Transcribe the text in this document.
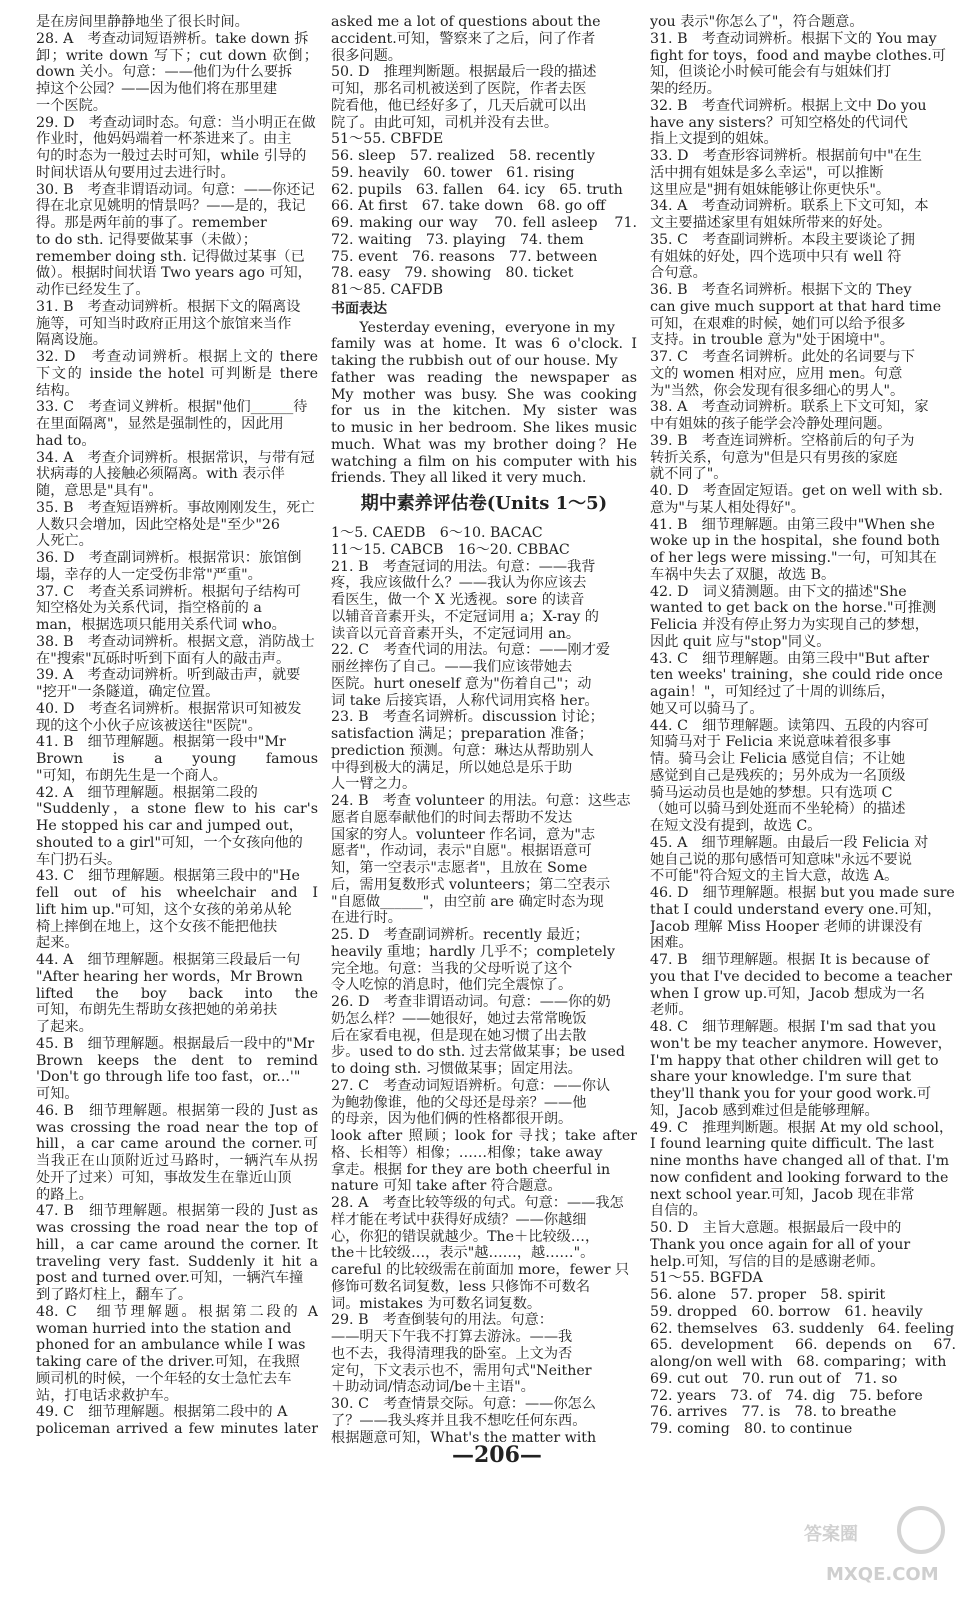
是在房间里静静地坐了很长时间。
28. A　考查动词短语辨析。take down 拆
卸；write down 写下；cut down 砍倒；
down 关小。句意：——他们为什么要拆
掉这个公园？——因为他们将在那里建
一个医院。
29. D　考查动词时态。句意：当小明正在做
作业时，他妈妈端着一杯茶进来了。由主
句的时态为一般过去时可知，while 引导的
时间状语从句要用过去进行时。
30. B　考查非谓语动词。句意：——你还记
得在北京见姚明的情景吗？——是的，我记
得。那是两年前的事了。remember
to do sth. 记得要做某事（未做）；
remember doing sth. 记得做过某事（已
做）。根据时间状语 Two years ago 可知，
动作已经发生了。
31. B　考查动词辨析。根据下文的隔离设
施等，可知当时政府正用这个旅馆来当作
隔离设施。
32. D　考查动词辨析。根据上文的 there
下文的 inside the hotel 可判断是 there
结构。
33. C　考查词义辨析。根据"他们______待
在里面隔离"，显然是强制性的，因此用
had to。
34. A　考查介词辨析。根据常识，与带有冠
状病毒的人接触必须隔离。with 表示伴
随，意思是"具有"。
35. B　考查短语辨析。事故刚刚发生，死亡
人数只会增加，因此空格处是"至少"26
人死亡。
36. D　考查副词辨析。根据常识：旅馆倒
塌，幸存的人一定受伤非常"严重"。
37. C　考查关系词辨析。根据句子结构可
知空格处为关系代词，指空格前的 a
man，根据选项只能用关系代词 who。
38. B　考查动词辨析。根据文意，消防战士
在"搜索"瓦砾时听到下面有人的敲击声。
39. A　考查动词辨析。听到敲击声，就要
"挖开"一条隧道，确定位置。
40. D　考查名词辨析。根据常识可知被发
现的这个小伙子应该被送往"医院"。
41. B　细节理解题。根据第一段中"Mr
Brown is a young famous
"可知，布朗先生是一个商人。
42. A　细节理解题。根据第二段的
"Suddenly，a stone flew to his car's
He stopped his car and jumped out，
shouted to a girl"可知，一个女孩向他的
车门扔石头。
43. C　细节理解题。根据第三段中的"He
fell out of his wheelchair and I
lift him up."可知，这个女孩的弟弟从轮
椅上摔倒在地上，这个女孩不能把他扶
起来。
44. A　细节理解题。根据第三段最后一句
"After hearing her words，Mr Brown
lifted the boy back into the
可知，布朗先生帮助女孩把她的弟弟扶
了起来。
45. B　细节理解题。根据最后一段中的"Mr
Brown keeps the dent to remind
'Don't go through life too fast，or...'"
可知。
46. B　细节理解题。根据第一段的 Just as
was crossing the road near the top of
hill，a car came around the corner.可
当我正在山顶附近过马路时，一辆汽车从拐
处开了过来）可知，事故发生在靠近山顶
的路上。
47. B　细节理解题。根据第一段的 Just as
was crossing the road near the top of
hill，a car came around the corner. It
traveling very fast. Suddenly it hit a
post and turned over.可知，一辆汽车撞
到了路灯柱上，翻车了。
48. C　细节理解题。根据第二段的 A
woman hurried into the station and
phoned for an ambulance while I was
taking care of the driver.可知，在我照
顾司机的时候，一个年轻的女士急忙去车
站，打电话求救护车。
49. C　细节理解题。根据第二段中的 A
policeman arrived a few minutes later
asked me a lot of questions about the
accident.可知，警察来了之后，问了作者
很多问题。
50. D　推理判断题。根据最后一段的描述
可知，那名司机被送到了医院，作者去医
院看他，他已经好多了，几天后就可以出
院了。由此可知，司机并没有去世。
51～55. CBFDE
56. sleep　57. realized　58. recently
59. heavily　60. tower　61. rising
62. pupils　63. fallen　64. icy　65. truth
66. At first　67. take down　68. go off
69. making our way　70. fell asleep　71.
72. waiting　73. playing　74. them
75. event　76. reasons　77. between
78. easy　79. showing　80. ticket
81～85. CAFDB
书面表达
　　Yesterday evening，everyone in my
family was at home. It was 6 o'clock. I
taking the rubbish out of our house. My
father was reading the newspaper as
My mother was busy. She was cooking
for us in the kitchen. My sister was
to music in her bedroom. She likes music
much. What was my brother doing？He
watching a film on his computer with his
friends. They all liked it very much.
期中素养评估卷(Units 1～5)
1～5. CAEDB　6～10. BACAC
11～15. CABCB　16～20. CBBAC
21. B　考查冠词的用法。句意：——我背
疼，我应该做什么？——我认为你应该去
看医生，做一个 X 光透视。sore 的读音
以辅音音素开头，不定冠词用 a；X-ray 的
读音以元音音素开头，不定冠词用 an。
22. C　考查代词的用法。句意：——刚才爱
丽丝摔伤了自己。——我们应该带她去
医院。hurt oneself 意为"伤着自己"；动
词 take 后接宾语，人称代词用宾格 her。
23. B　考查名词辨析。discussion 讨论；
satisfaction 满足；preparation 准备；
prediction 预测。句意：琳达从帮助别人
中得到极大的满足，所以她总是乐于助
人一臂之力。
24. B　考查 volunteer 的用法。句意：这些志
愿者自愿奉献他们的时间去帮助不发达
国家的穷人。volunteer 作名词，意为"志
愿者"，作动词，表示"自愿"。根据语意可
知，第一空表示"志愿者"，且放在 Some
后，需用复数形式 volunteers；第二空表示
"自愿做______"，由空前 are 确定时态为现
在进行时。
25. D　考查副词辨析。recently 最近；
heavily 重地；hardly 几乎不；completely
完全地。句意：当我的父母听说了这个
令人吃惊的消息时，他们完全震惊了。
26. D　考查非谓语动词。句意：——你的奶
奶怎么样？——她很好，她过去常常晚饭
后在家看电视，但是现在她习惯了出去散
步。used to do sth. 过去常做某事；be used
to doing sth. 习惯做某事；固定用法。
27. C　考查动词短语辨析。句意：——你认
为鲍勃像谁，他的父母还是母亲？——他
的母亲，因为他们俩的性格都很开朗。
look after 照顾；look for 寻找；take after
格、长相等）相像；……相像；take away
拿走。根据 for they are both cheerful in
nature 可知 take after 符合题意。
28. A　考查比较等级的句式。句意：——我怎
样才能在考试中获得好成绩？——你越细
心，你犯的错误就越少。The＋比较级…，
the＋比较级…，表示"越……，越……"。
careful 的比较级需在前面加 more，fewer 只
修饰可数名词复数，less 只修饰不可数名
词。mistakes 为可数名词复数。
29. B　考查倒装句的用法。句意：
——明天下午我不打算去游泳。——我
也不去，我得清理我的卧室。上文为否
定句，下文表示也不，需用句式"Neither
＋助动词/情态动词/be＋主语"。
30. C　考查情景交际。句意：——你怎么
了？——我头疼并且我不想吃任何东西。
根据题意可知，What's the matter with
you 表示"你怎么了"，符合题意。
31. B　考查动词辨析。根据下文的 You may
fight for toys，food and maybe clothes.可
知，但谈论小时候可能会有与姐妹们打
架的经历。
32. B　考查代词辨析。根据上文中 Do you
have any sisters？可知空格处的代词代
指上文提到的姐妹。
33. D　考查形容词辨析。根据前句中"在生
活中拥有姐妹是多么幸运"，可以推断
这里应是"拥有姐妹能够让你更快乐"。
34. A　考查动词辨析。联系上下文可知，本
文主要描述家里有姐妹所带来的好处。
35. C　考查副词辨析。本段主要谈论了拥
有姐妹的好处，四个选项中只有 well 符
合句意。
36. B　考查名词辨析。根据下文的 They
can give much support at that hard time
可知，在艰难的时候，她们可以给予很多
支持。in trouble 意为"处于困境中"。
37. C　考查名词辨析。此处的名词要与下
文的 women 相对应，应用 men。句意
为"当然，你会发现有很多细心的男人"。
38. A　考查动词辨析。联系上下文可知，家
中有姐妹的孩子能学会冷静处理问题。
39. B　考查连词辨析。空格前后的句子为
转折关系，句意为"但是只有男孩的家庭
就不同了"。
40. D　考查固定短语。get on well with sb.
意为"与某人相处得好"。
41. B　细节理解题。由第三段中"When she
woke up in the hospital，she found both
of her legs were missing."一句，可知其在
车祸中失去了双腿，故选 B。
42. D　词义猜测题。由下文的描述"She
wanted to get back on the horse."可推测
Felicia 并没有停止努力为实现自己的梦想，
因此 quit 应与"stop"同义。
43. C　细节理解题。由第三段中"But after
ten weeks' training，she could ride once
again！"，可知经过了十周的训练后，
她又可以骑马了。
44. C　细节理解题。读第四、五段的内容可
知骑马对于 Felicia 来说意味着很多事
情。骑马会让 Felicia 感觉自信；不让她
感觉到自己是残疾的；另外成为一名顶级
骑马运动员也是她的梦想。只有选项 C
（她可以骑马到处逛而不坐轮椅）的描述
在短文没有提到，故选 C。
45. A　细节理解题。由最后一段 Felicia 对
她自己说的那句感悟可知意味"永远不要说
不可能"符合短文的主旨大意，故选 A。
46. D　细节理解题。根据 but you made sure
that I could understand every one.可知，
Jacob 理解 Miss Hooper 老师的讲课没有
困难。
47. B　细节理解题。根据 It is because of
you that I've decided to become a teacher
when I grow up.可知，Jacob 想成为一名
老师。
48. C　细节理解题。根据 I'm sad that you
won't be my teacher anymore. However，
I'm happy that other children will get to
share your knowledge. I'm sure that
they'll thank you for your good work.可
知，Jacob 感到难过但是能够理解。
49. C　推理判断题。根据 At my old school，
I found learning quite difficult. The last
nine months have changed all of that. I'm
now confident and looking forward to the
next school year.可知，Jacob 现在非常
自信的。
50. D　主旨大意题。根据最后一段中的
Thank you once again for all of your
help.可知，写信的目的是感谢老师。
51～55. BGFDA
56. alone　57. proper　58. spirit
59. dropped　60. borrow　61. heavily
62. themselves　63. suddenly　64. feeling
65. development　66. depends on　67.
along/on well with　68. comparing；with
69. cut out　70. run out of　71. so
72. years　73. of　74. dig　75. before
76. arrives　77. is　78. to breathe
79. coming　80. to continue
—206—
答案圈
MXQE.COM
